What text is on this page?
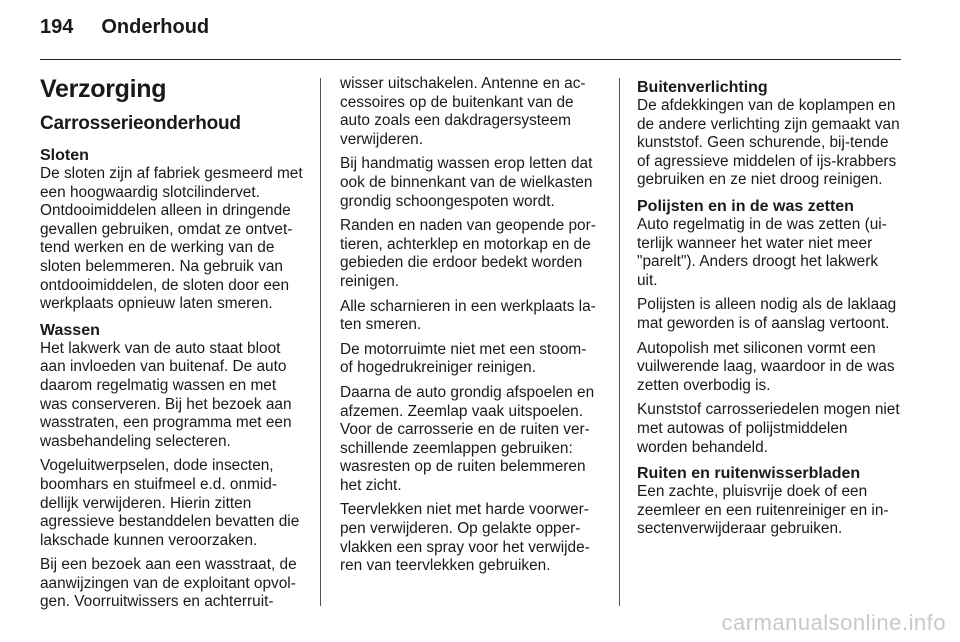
194 Onderhoud
Verzorging
Carrosserieonderhoud
Sloten

De sloten zijn af fabriek gesmeerd met een hoogwaardig slotcilindervet. Ontdooimiddelen alleen in dringende gevallen gebruiken, omdat ze ontvet-tend werken en de werking van de sloten belemmeren. Na gebruik van ontdooimiddelen, de sloten door een werkplaats opnieuw laten smeren.

Wassen

Het lakwerk van de auto staat bloot aan invloeden van buitenaf. De auto daarom regelmatig wassen en met was conserveren. Bij het bezoek aan wasstraten, een programma met een wasbehandeling selecteren.

Vogeluitwerpselen, dode insecten, boomhars en stuifmeel e.d. onmid-dellijk verwijderen. Hierin zitten agressieve bestanddelen bevatten die lakschade kunnen veroorzaken.

Bij een bezoek aan een wasstraat, de aanwijzingen van de exploitant opvol-gen. Voorruitwissers en achterruit-

wisser uitschakelen. Antenne en ac-cessoires op de buitenkant van de auto zoals een dakdragersysteem verwijderen.

Bij handmatig wassen erop letten dat ook de binnenkant van de wielkasten grondig schoongespoten wordt.

Randen en naden van geopende por-tieren, achterklep en motorkap en de gebieden die erdoor bedekt worden reinigen.

Alle scharnieren in een werkplaats la-ten smeren.

De motorruimte niet met een stoom- of hogedrukreiniger reinigen.

Daarna de auto grondig afspoelen en afzemen. Zeemlap vaak uitspoelen. Voor de carrosserie en de ruiten ver-schillende zeemlappen gebruiken: wasresten op de ruiten belemmeren het zicht.

Teervlekken niet met harde voorwer-pen verwijderen. Op gelakte opper-vlakken een spray voor het verwijde-ren van teervlekken gebruiken.

Buitenverlichting

De afdekkingen van de koplampen en de andere verlichting zijn gemaakt van kunststof. Geen schurende, bij-tende of agressieve middelen of ijs-krabbers gebruiken en ze niet droog reinigen.

Polijsten en in de was zetten

Auto regelmatig in de was zetten (ui-terlijk wanneer het water niet meer "parelt"). Anders droogt het lakwerk uit.

Polijsten is alleen nodig als de laklaag mat geworden is of aanslag vertoont.

Autopolish met siliconen vormt een vuilwerende laag, waardoor in de was zetten overbodig is.

Kunststof carrosseriedelen mogen niet met autowas of polijstmiddelen worden behandeld.

Ruiten en ruitenwisserbladen

Een zachte, pluisvrije doek of een zeemleer en een ruitenreiniger en in-sectenverwijderaar gebruiken.

carmanualsonline.info
